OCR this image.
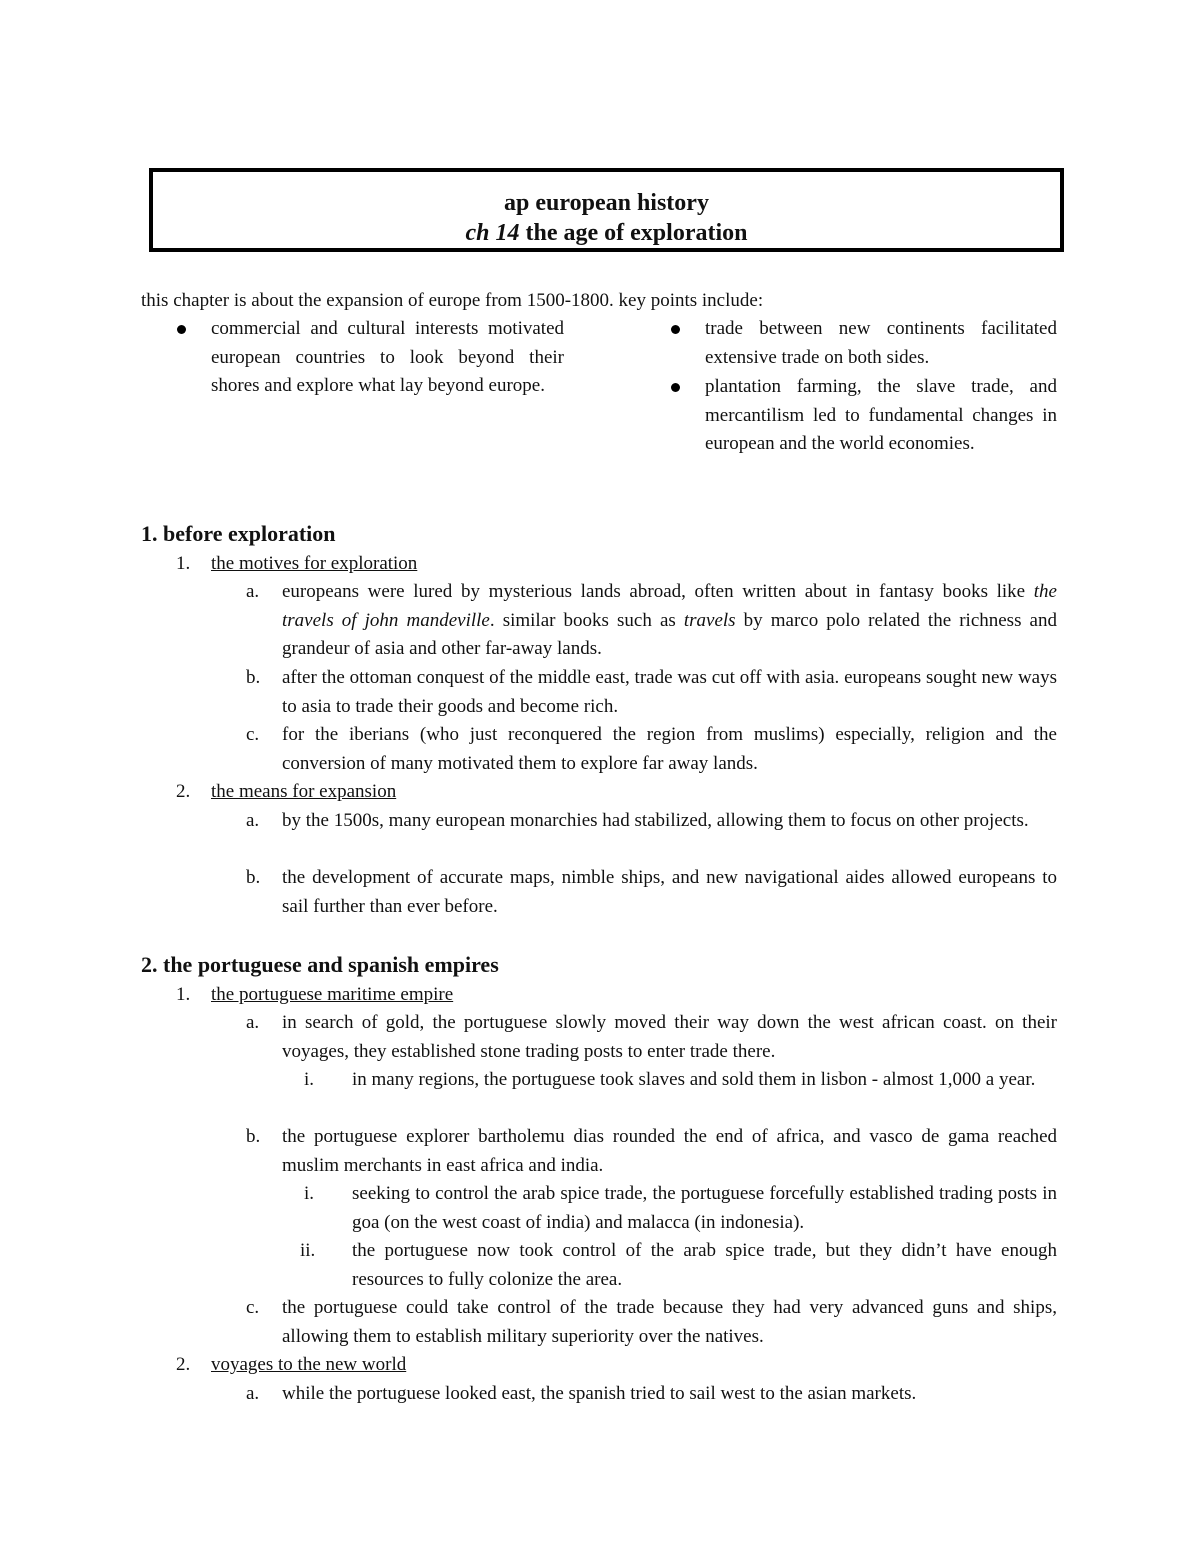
ap european history
ch 14 the age of exploration
this chapter is about the expansion of europe from 1500-1800. key points include:

commercial and cultural interests motivated european countries to look beyond their shores and explore what lay beyond europe.

trade between new continents facilitated extensive trade on both sides.

plantation farming, the slave trade, and mercantilism led to fundamental changes in european and the world economies.

1. before exploration
1. the motives for exploration
a. europeans were lured by mysterious lands abroad, often written about in fantasy books like the travels of john mandeville. similar books such as travels by marco polo related the richness and grandeur of asia and other far-away lands.

b. after the ottoman conquest of the middle east, trade was cut off with asia. europeans sought new ways to asia to trade their goods and become rich.

c. for the iberians (who just reconquered the region from muslims) especially, religion and the conversion of many motivated them to explore far away lands.

2. the means for expansion
a. by the 1500s, many european monarchies had stabilized, allowing them to focus on other projects.

b. the development of accurate maps, nimble ships, and new navigational aides allowed europeans to sail further than ever before.

2. the portuguese and spanish empires
1. the portuguese maritime empire
a. in search of gold, the portuguese slowly moved their way down the west african coast. on their voyages, they established stone trading posts to enter trade there.

i. in many regions, the portuguese took slaves and sold them in lisbon - almost 1,000 a year.

b. the portuguese explorer bartholemu dias rounded the end of africa, and vasco de gama reached muslim merchants in east africa and india.

i. seeking to control the arab spice trade, the portuguese forcefully established trading posts in goa (on the west coast of india) and malacca (in indonesia).

ii. the portuguese now took control of the arab spice trade, but they didn’t have enough resources to fully colonize the area.

c. the portuguese could take control of the trade because they had very advanced guns and ships, allowing them to establish military superiority over the natives.

2. voyages to the new world
a. while the portuguese looked east, the spanish tried to sail west to the asian markets.
